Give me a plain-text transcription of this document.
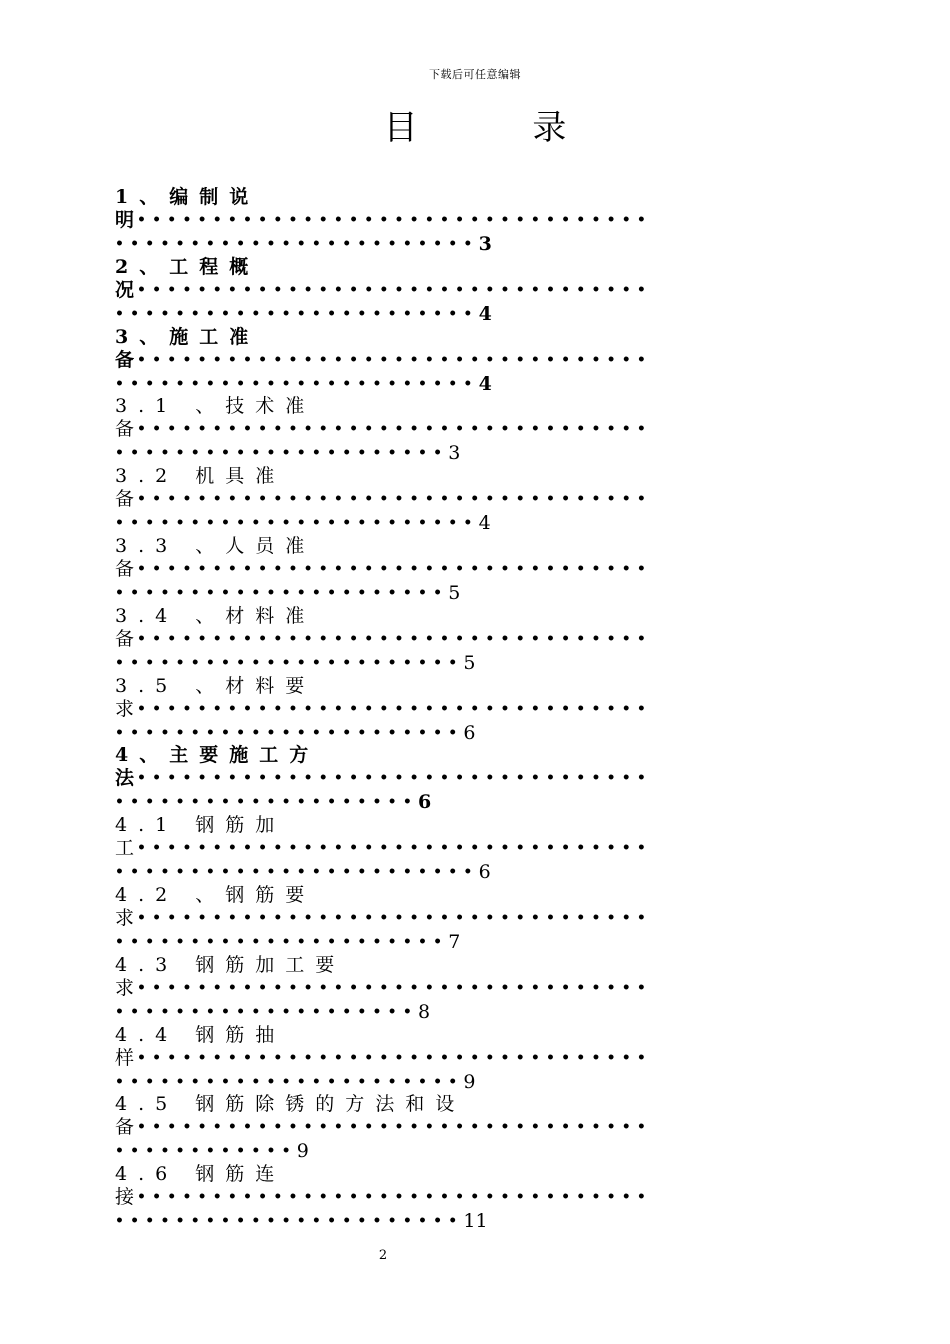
下载后可任意编辑
目 录
1、编制说
明 ••••••••••••••••••••••••••••••••••
••••••••••••••••••••••••3
2、工程概
况 ••••••••••••••••••••••••••••••••••
••••••••••••••••••••••••4
3、施工准
备 ••••••••••••••••••••••••••••••••••
••••••••••••••••••••••••4
3.1 、技术准
备 ••••••••••••••••••••••••••••••••••
••••••••••••••••••••••3
3.2 机具准
备 ••••••••••••••••••••••••••••••••••
••••••••••••••••••••••••4
3.3 、人员准
备 ••••••••••••••••••••••••••••••••••
••••••••••••••••••••••5
3.4 、材料准
备 ••••••••••••••••••••••••••••••••••
•••••••••••••••••••••••5
3.5 、材料要
求 ••••••••••••••••••••••••••••••••••
•••••••••••••••••••••••6
4、主要施工方
法 ••••••••••••••••••••••••••••••••••
••••••••••••••••••••6
4.1 钢筋加
工 ••••••••••••••••••••••••••••••••••
••••••••••••••••••••••••6
4.2 、钢筋要
求 ••••••••••••••••••••••••••••••••••
••••••••••••••••••••••7
4.3 钢筋加工要
求 ••••••••••••••••••••••••••••••••••
••••••••••••••••••••8
4.4 钢筋抽
样 ••••••••••••••••••••••••••••••••••
•••••••••••••••••••••••9
4.5 钢筋除锈的方法和设
备 ••••••••••••••••••••••••••••••••••
••••••••••••9
4.6 钢筋连
接 ••••••••••••••••••••••••••••••••••
•••••••••••••••••••••••11
2
